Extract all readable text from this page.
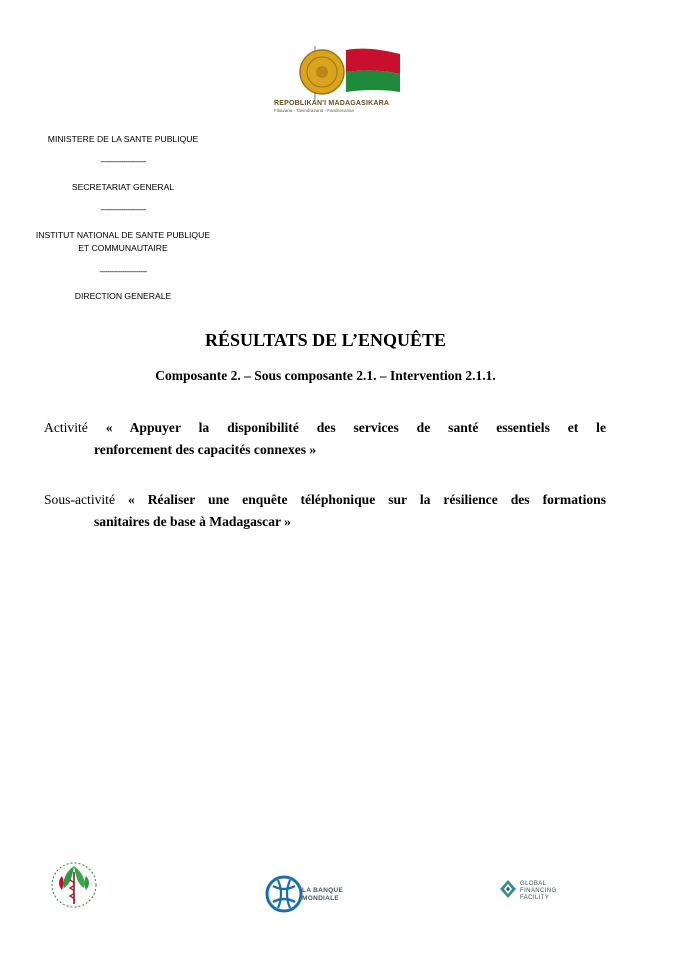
REPOBLIKAN'I MADAGASIKARA
Fitiavana - Tanindrazana - Fandrosoana
MINISTERE DE LA SANTE PUBLIQUE
----------------------
SECRETARIAT GENERAL
----------------------
INSTITUT NATIONAL DE SANTE PUBLIQUE
ET COMMUNAUTAIRE
-----------------------
DIRECTION GENERALE
RÉSULTATS DE L’ENQUÊTE
Composante 2. – Sous composante 2.1. – Intervention 2.1.1.
Activité « Appuyer la disponibilité des services de santé essentiels et le
renforcement des capacités connexes »
Sous-activité « Réaliser une enquête téléphonique sur la résilience des formations
sanitaires de base à Madagascar »
LA BANQUE
MONDIALE
GLOBAL
FINANCING
FACILITY
